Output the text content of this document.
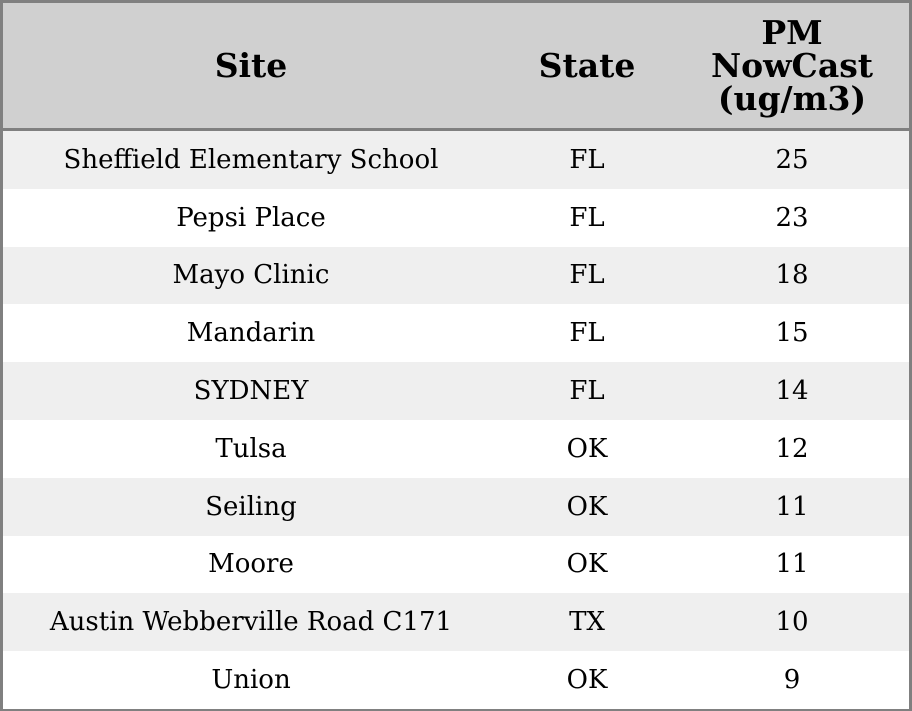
Site	State	PM
NowCast
(ug/m3)
Sheffield Elementary School	FL	25
Pepsi Place	FL	23
Mayo Clinic	FL	18
Mandarin	FL	15
SYDNEY	FL	14
Tulsa	OK	12
Seiling	OK	11
Moore	OK	11
Austin Webberville Road C171	TX	10
Union	OK	9
